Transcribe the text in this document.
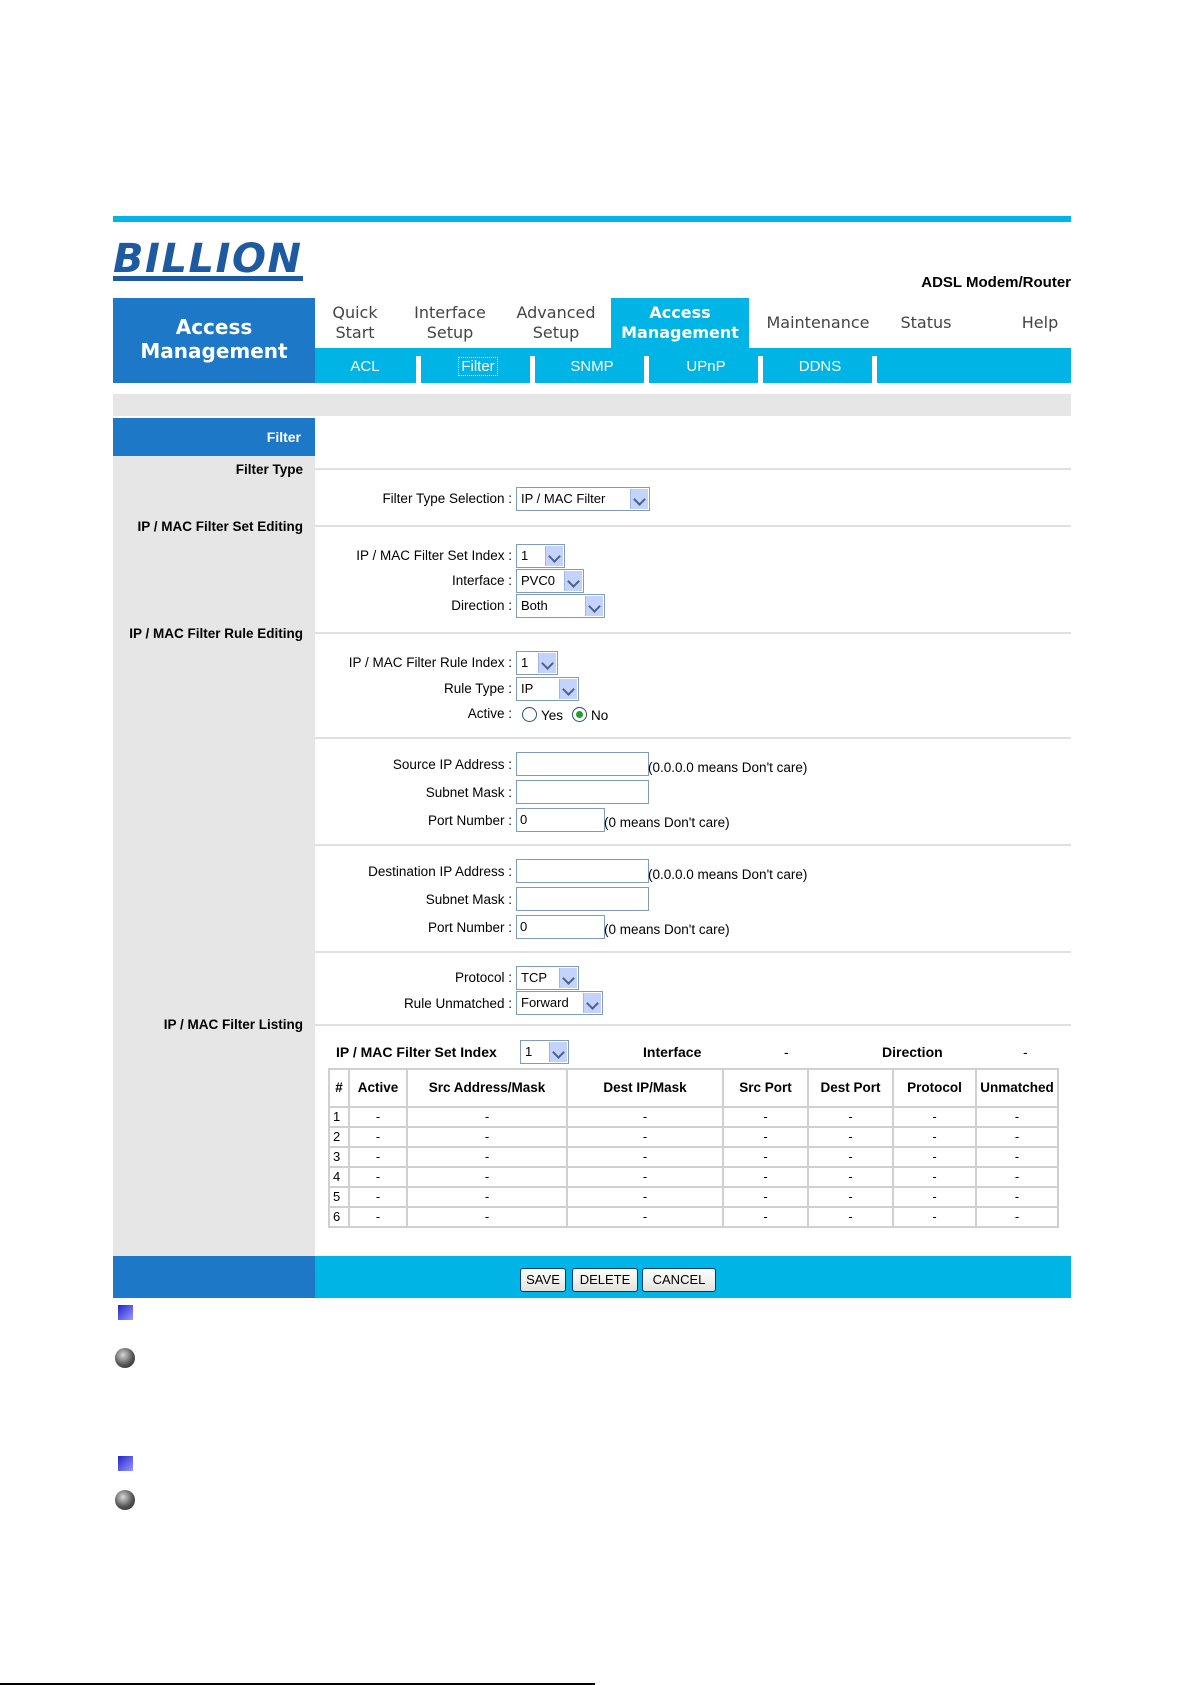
BILLION
ADSL Modem/Router
Access
Management
Quick
Start
Interface
Setup
Advanced
Setup
Access
Management
Maintenance	Status	Help
ACL	Filter	SNMP	UPnP	DDNS
Filter
Filter Type
IP / MAC Filter Set Editing
IP / MAC Filter Rule Editing
IP / MAC Filter Listing
Filter Type Selection : IP / MAC Filter
IP / MAC Filter Set Index : 1
Interface : PVC0
Direction : Both
IP / MAC Filter Rule Index : 1
Rule Type : IP
Active : Yes No
Source IP Address :	(0.0.0.0 means Don't care)
Subnet Mask :
Port Number : 0	(0 means Don't care)
Destination IP Address :	(0.0.0.0 means Don't care)
Subnet Mask :
Port Number : 0	(0 means Don't care)
Protocol : TCP
Rule Unmatched : Forward
IP / MAC Filter Set Index	1	Interface	-	Direction	-
#	Active	Src Address/Mask	Dest IP/Mask	Src Port	Dest Port	Protocol	Unmatched
1	-	-	-	-	-	-	-
2	-	-	-	-	-	-	-
3	-	-	-	-	-	-	-
4	-	-	-	-	-	-	-
5	-	-	-	-	-	-	-
6	-	-	-	-	-	-	-
SAVE	DELETE	CANCEL
